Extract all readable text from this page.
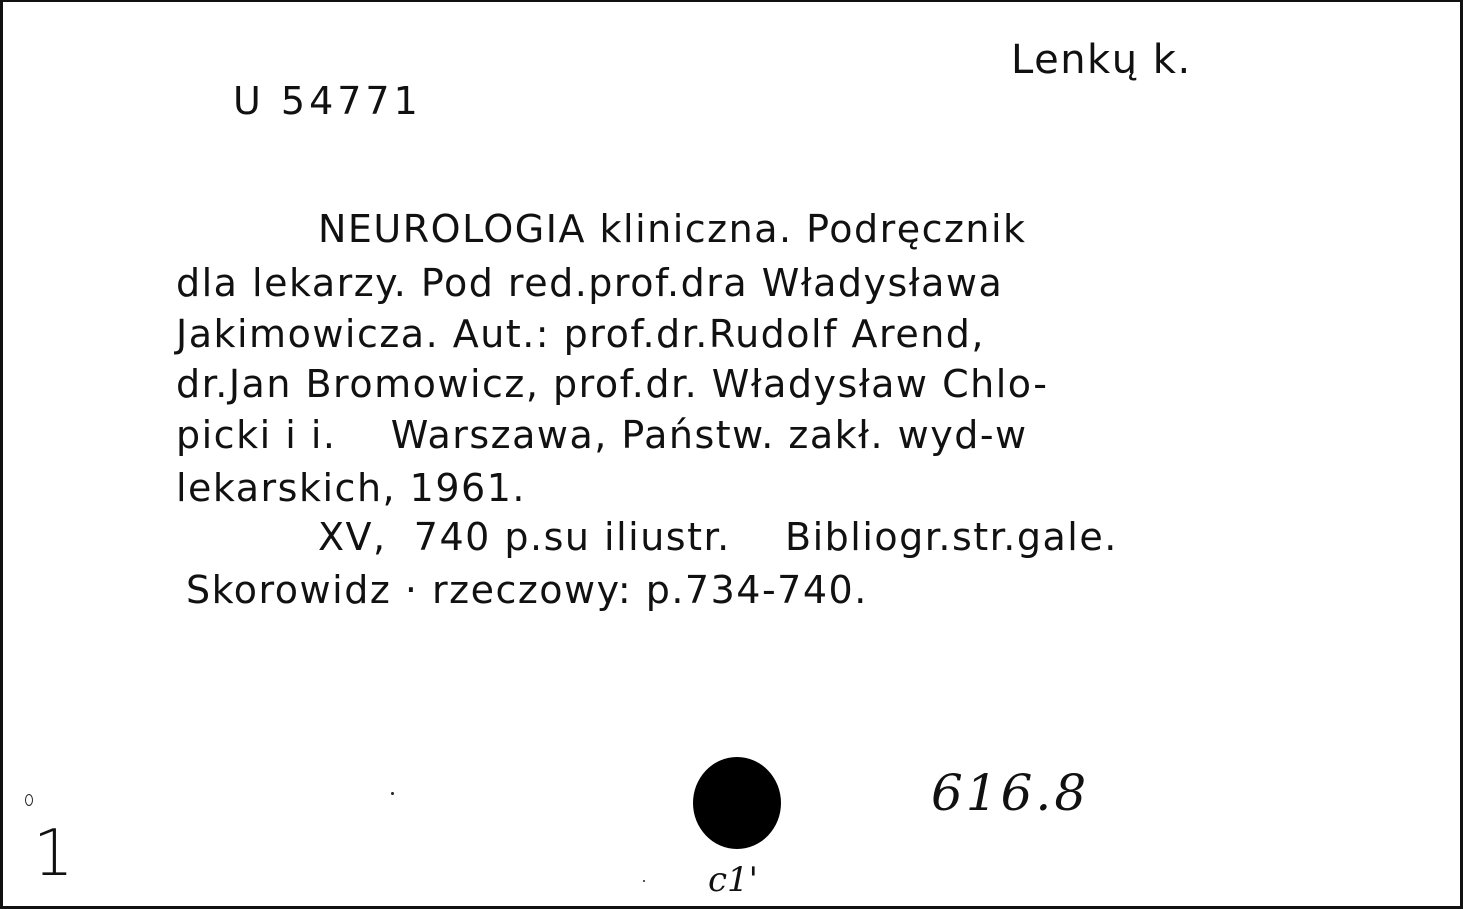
Lenkų k.
U 54771
NEUROLOGIA kliniczna. Podręcznik
dla lekarzy. Pod red.prof.dra Władysława
Jakimowicza. Aut.: prof.dr.Rudolf Arend,
dr.Jan Bromowicz, prof.dr. Władysław Chlo-
picki i i.    Warszawa, Państw. zakł. wyd-w
lekarskich, 1961.
XV,  740 p.su iliustr.    Bibliogr.str.gale.
Skorowidz · rzeczowy: p.734-740.
616.8
1	c1'
